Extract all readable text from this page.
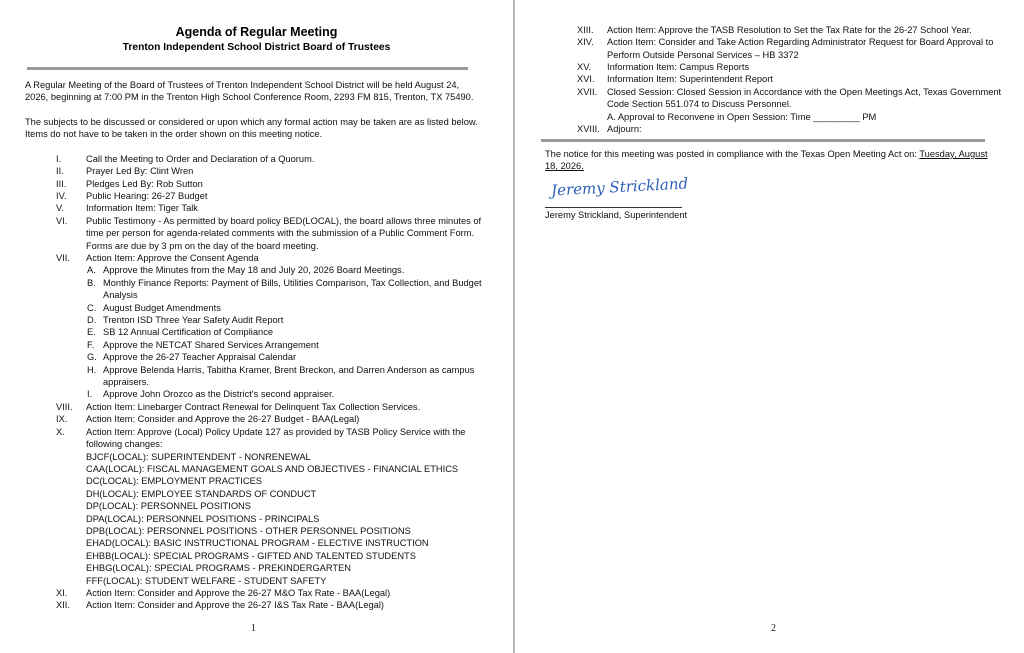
Agenda of Regular Meeting
Trenton Independent School District Board of Trustees
A Regular Meeting of the Board of Trustees of Trenton Independent School District will be held August 24,
2026, beginning at 7:00 PM in the Trenton High School Conference Room, 2293 FM 815, Trenton, TX 75490.
The subjects to be discussed or considered or upon which any formal action may be taken are as listed below.
Items do not have to be taken in the order shown on this meeting notice.
I.	Call the Meeting to Order and Declaration of a Quorum.
II. Prayer Led By: Clint Wren
III. Pledges Led By: Rob Sutton
IV. Public Hearing: 26-27 Budget
V. Information Item: Tiger Talk
VI. Public Testimony - As permitted by board policy BED(LOCAL), the board allows three minutes of
time per person for agenda-related comments with the submission of a Public Comment Form.
Forms are due by 3 pm on the day of the board meeting.
VII. Action Item: Approve the Consent Agenda
A. Approve the Minutes from the May 18 and July 20, 2026 Board Meetings.
B. Monthly Finance Reports: Payment of Bills, Utilities Comparison, Tax Collection, and Budget
Analysis
C. August Budget Amendments
D. Trenton ISD Three Year Safety Audit Report
E. SB 12 Annual Certification of Compliance
F. Approve the NETCAT Shared Services Arrangement
G. Approve the 26-27 Teacher Appraisal Calendar
H. Approve Belenda Harris, Tabitha Kramer, Brent Breckon, and Darren Anderson as campus
appraisers.
I. Approve John Orozco as the District's second appraiser.
VIII. Action Item: Linebarger Contract Renewal for Delinquent Tax Collection Services.
IX. Action Item: Consider and Approve the 26-27 Budget - BAA(Legal)
X. Action Item: Approve (Local) Policy Update 127 as provided by TASB Policy Service with the
following changes:
BJCF(LOCAL): SUPERINTENDENT - NONRENEWAL
CAA(LOCAL): FISCAL MANAGEMENT GOALS AND OBJECTIVES - FINANCIAL ETHICS
DC(LOCAL): EMPLOYMENT PRACTICES
DH(LOCAL): EMPLOYEE STANDARDS OF CONDUCT
DP(LOCAL): PERSONNEL POSITIONS
DPA(LOCAL): PERSONNEL POSITIONS - PRINCIPALS
DPB(LOCAL): PERSONNEL POSITIONS - OTHER PERSONNEL POSITIONS
EHAD(LOCAL): BASIC INSTRUCTIONAL PROGRAM - ELECTIVE INSTRUCTION
EHBB(LOCAL): SPECIAL PROGRAMS - GIFTED AND TALENTED STUDENTS
EHBG(LOCAL): SPECIAL PROGRAMS - PREKINDERGARTEN
FFF(LOCAL): STUDENT WELFARE - STUDENT SAFETY
XI. Action Item: Consider and Approve the 26-27 M&O Tax Rate - BAA(Legal)
XII. Action Item: Consider and Approve the 26-27 I&S Tax Rate - BAA(Legal)
1
XIII. Action Item: Approve the TASB Resolution to Set the Tax Rate for the 26-27 School Year.
XIV. Action Item: Consider and Take Action Regarding Administrator Request for Board Approval to
Perform Outside Personal Services – HB 3372
XV. Information Item: Campus Reports
XVI. Information Item: Superintendent Report
XVII. Closed Session: Closed Session in Accordance with the Open Meetings Act, Texas Government
Code Section 551.074 to Discuss Personnel.
A. Approval to Reconvene in Open Session: Time _________ PM
XVIII. Adjourn:
The notice for this meeting was posted in compliance with the Texas Open Meeting Act on: Tuesday, August 18, 2026.
Jeremy Strickland
Jeremy Strickland, Superintendent
2
